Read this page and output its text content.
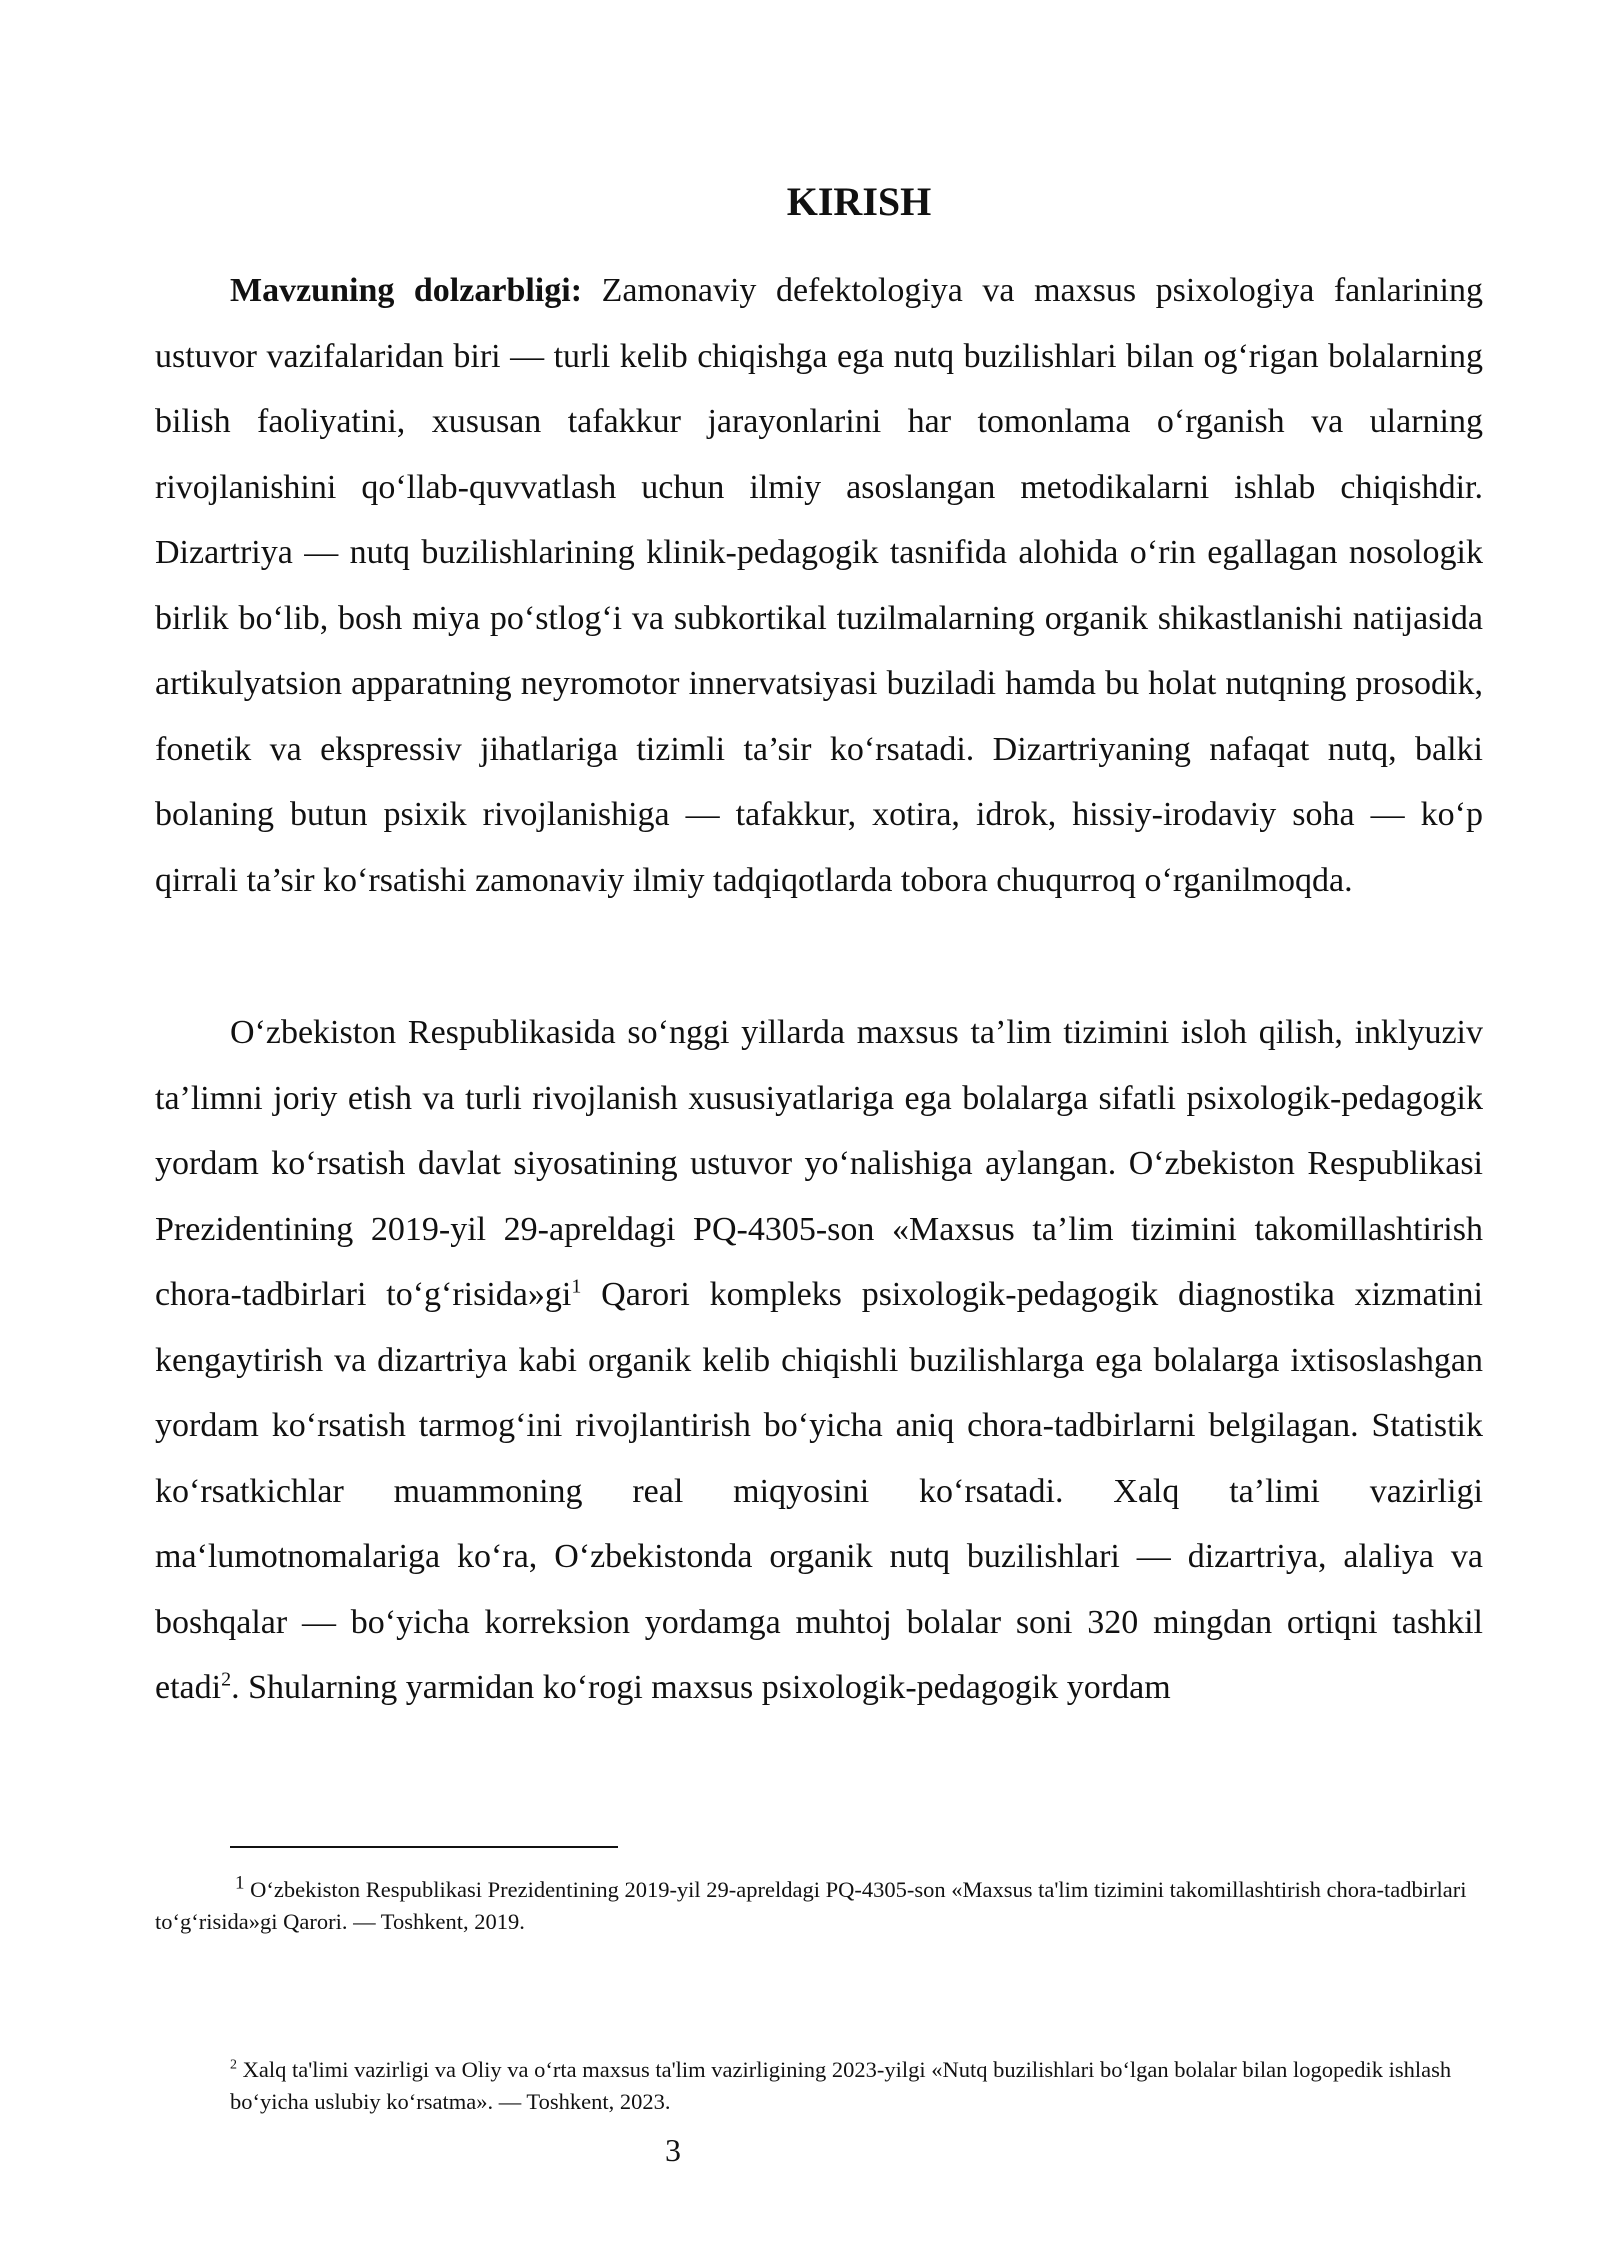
KIRISH

Mavzuning dolzarbligi: Zamonaviy defektologiya va maxsus psixologiya fanlarining ustuvor vazifalaridan biri — turli kelib chiqishga ega nutq buzilishlari bilan og‘rigan bolalarning bilish faoliyatini, xususan tafakkur jarayonlarini har tomonlama o‘rganish va ularning rivojlanishini qo‘llab-quvvatlash uchun ilmiy asoslangan metodikalarni ishlab chiqishdir. Dizartriya — nutq buzilishlarining klinik-pedagogik tasnifida alohida o‘rin egallagan nosologik birlik bo‘lib, bosh miya po‘stlog‘i va subkortikal tuzilmalarning organik shikastlanishi natijasida artikulyatsion apparatning neyromotor innervatsiyasi buziladi hamda bu holat nutqning prosodik, fonetik va ekspressiv jihatlariga tizimli ta’sir ko‘rsatadi. Dizartriyaning nafaqat nutq, balki bolaning butun psixik rivojlanishiga — tafakkur, xotira, idrok, hissiy-irodaviy soha — ko‘p qirrali ta’sir ko‘rsatishi zamonaviy ilmiy tadqiqotlarda tobora chuqurroq o‘rganilmoqda.

O‘zbekiston Respublikasida so‘nggi yillarda maxsus ta’lim tizimini isloh qilish, inklyuziv ta’limni joriy etish va turli rivojlanish xususiyatlariga ega bolalarga sifatli psixologik-pedagogik yordam ko‘rsatish davlat siyosatining ustuvor yo‘nalishiga aylangan. O‘zbekiston Respublikasi Prezidentining 2019-yil 29-apreldagi PQ-4305-son «Maxsus ta’lim tizimini takomillashtirish chora-tadbirlari $to‘g‘risida»gi^1$ Qarori kompleks psixologik-pedagogik diagnostika xizmatini kengaytirish va dizartriya kabi organik kelib chiqishli buzilishlarga ega bolalarga ixtisoslashgan yordam ko‘rsatish tarmog‘ini rivojlantirish bo‘yicha aniq chora-tadbirlarni belgilagan. Statistik ko‘rsatkichlar muammoning real miqyosini ko‘rsatadi. Xalq ta’limi vazirligi ma‘lumotnomalariga ko‘ra, O‘zbekistonda organik nutq buzilishlari — dizartriya, alaliya va boshqalar — bo‘yicha korreksion yordamga muhtoj bolalar soni 320 mingdan ortiqni tashkil etadi$^2$. Shularning yarmidan ko‘rogi maxsus psixologik-pedagogik yordam

$^1$ O‘zbekiston Respublikasi Prezidentining 2019-yil 29-apreldagi PQ-4305-son «Maxsus ta'lim tizimini takomillashtirish chora-tadbirlari to‘g‘risida»gi Qarori. — Toshkent, 2019.

$^2$ Xalq ta'limi vazirligi va Oliy va o‘rta maxsus ta'lim vazirligining 2023-yilgi «Nutq buzilishlari bo‘lgan bolalar bilan logopedik ishlash bo‘yicha uslubiy ko‘rsatma». — Toshkent, 2023.

3
